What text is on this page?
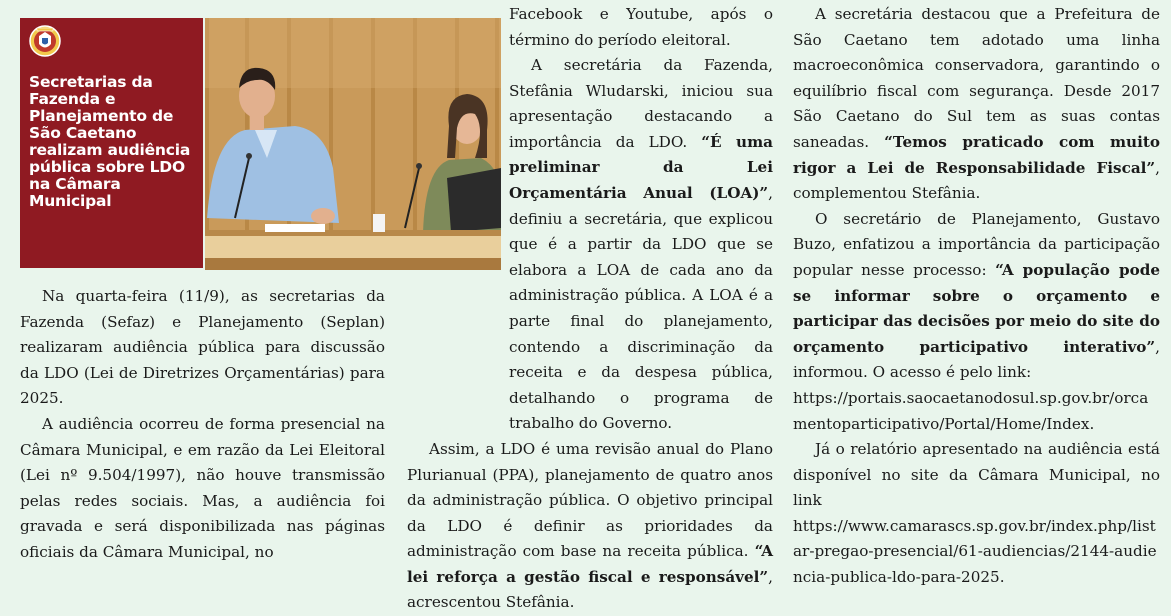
Secretarias da Fazenda e Planejamento de São Caetano realizam audiência pública sobre LDO na Câmara Municipal

Na quarta-feira (11/9), as secretarias da Fazenda (Sefaz) e Planejamento (Seplan) realizaram audiência pública para discussão da LDO (Lei de Diretrizes Orçamentárias) para 2025.

A audiência ocorreu de forma presencial na Câmara Municipal, e em razão da Lei Eleitoral (Lei nº 9.504/1997), não houve transmissão pelas redes sociais. Mas, a audiência foi gravada e será disponibilizada nas páginas oficiais da Câmara Municipal, no

Facebook e Youtube, após o término do período eleitoral.

A secretária da Fazenda, Stefânia Wludarski, iniciou sua apresentação destacando a importância da LDO. “É uma preliminar da Lei Orçamentária Anual (LOA)”, definiu a secretária, que explicou que é a partir da LDO que se elabora a LOA de cada ano da administração pública. A LOA é a parte final do planejamento, contendo a discriminação da receita e da despesa pública, detalhando o programa de trabalho do Governo.

Assim, a LDO é uma revisão anual do Plano Plurianual (PPA), planejamento de quatro anos da administração pública. O objetivo principal da LDO é definir as prioridades da administração com base na receita pública. “A lei reforça a gestão fiscal e responsável”, acrescentou Stefânia.

A secretária destacou que a Prefeitura de São Caetano tem adotado uma linha macroeconômica conservadora, garantindo o equilíbrio fiscal com segurança. Desde 2017 São Caetano do Sul tem as suas contas saneadas. “Temos praticado com muito rigor a Lei de Responsabilidade Fiscal”, complementou Stefânia.

O secretário de Planejamento, Gustavo Buzo, enfatizou a importância da participação popular nesse processo: “A população pode se informar sobre o orçamento e participar das decisões por meio do site do orçamento participativo interativo”, informou. O acesso é pelo link:

https://portais.saocaetanodosul.sp.gov.br/orcamentoparticipativo/Portal/Home/Index.

Já o relatório apresentado na audiência está disponível no site da Câmara Municipal, no link

https://www.camarascs.sp.gov.br/index.php/listar-pregao-presencial/61-audiencias/2144-audiencia-publica-ldo-para-2025.
